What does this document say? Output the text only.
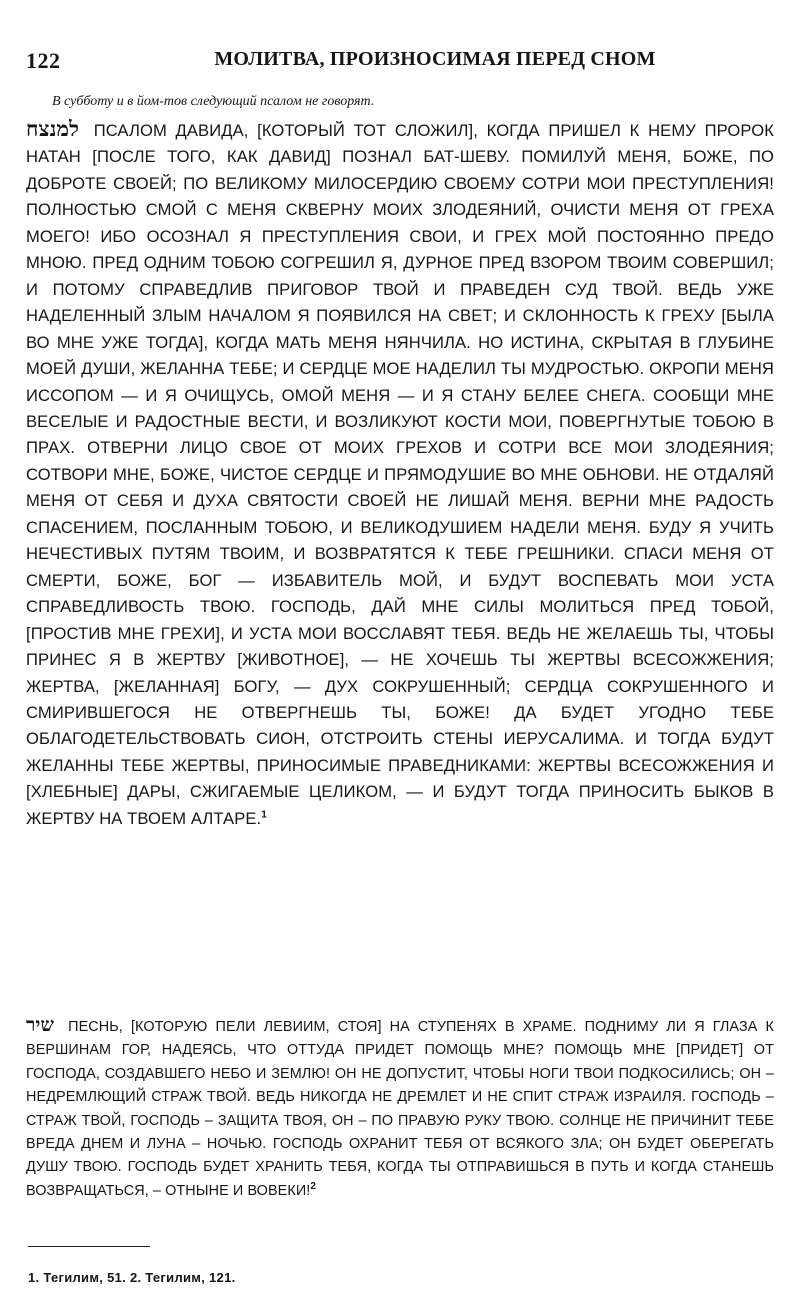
122	МОЛИТВА, ПРОИЗНОСИМАЯ ПЕРЕД СНОМ
В субботу и в йом-тов следующий псалом не говорят.

למנצח ПСАЛОМ ДАВИДА, [КОТОРЫЙ ТОТ СЛОЖИЛ], КОГДА ПРИШЕЛ К НЕМУ ПРОРОК НАТАН [ПОСЛЕ ТОГО, КАК ДАВИД] ПОЗНАЛ БАТ-ШЕВУ. ПОМИЛУЙ МЕНЯ, БОЖЕ, ПО ДОБРОТЕ СВОЕЙ; ПО ВЕЛИКОМУ МИЛОСЕРДИЮ СВОЕМУ СОТРИ МОИ ПРЕСТУПЛЕНИЯ! ПОЛНОСТЬЮ СМОЙ С МЕНЯ СКВЕРНУ МОИХ ЗЛОДЕЯНИЙ, ОЧИСТИ МЕНЯ ОТ ГРЕХА МОЕГО! ИБО ОСОЗНАЛ Я ПРЕСТУПЛЕНИЯ СВОИ, И ГРЕХ МОЙ ПОСТОЯННО ПРЕДО МНОЮ. ПРЕД ОДНИМ ТОБОЮ СОГРЕШИЛ Я, ДУРНОЕ ПРЕД ВЗОРОМ ТВОИМ СОВЕРШИЛ; И ПОТОМУ СПРАВЕДЛИВ ПРИГОВОР ТВОЙ И ПРАВЕДЕН СУД ТВОЙ. ВЕДЬ УЖЕ НАДЕЛЕННЫЙ ЗЛЫМ НАЧАЛОМ Я ПОЯВИЛСЯ НА СВЕТ; И СКЛОННОСТЬ К ГРЕХУ [БЫЛА ВО МНЕ УЖЕ ТОГДА], КОГДА МАТЬ МЕНЯ НЯНЧИЛА. НО ИСТИНА, СКРЫТАЯ В ГЛУБИНЕ МОЕЙ ДУШИ, ЖЕЛАННА ТЕБЕ; И СЕРДЦЕ МОЕ НАДЕЛИЛ ТЫ МУДРОСТЬЮ. ОКРОПИ МЕНЯ ИССОПОМ — И Я ОЧИЩУСЬ, ОМОЙ МЕНЯ — И Я СТАНУ БЕЛЕЕ СНЕГА. СООБЩИ МНЕ ВЕСЕЛЫЕ И РАДОСТНЫЕ ВЕСТИ, И ВОЗЛИКУЮТ КОСТИ МОИ, ПОВЕРГНУТЫЕ ТОБОЮ В ПРАХ. ОТВЕРНИ ЛИЦО СВОЕ ОТ МОИХ ГРЕХОВ И СОТРИ ВСЕ МОИ ЗЛОДЕЯНИЯ; СОТВОРИ МНЕ, БОЖЕ, ЧИСТОЕ СЕРДЦЕ И ПРЯМОДУШИЕ ВО МНЕ ОБНОВИ. НЕ ОТДАЛЯЙ МЕНЯ ОТ СЕБЯ И ДУХА СВЯТОСТИ СВОЕЙ НЕ ЛИШАЙ МЕНЯ. ВЕРНИ МНЕ РАДОСТЬ СПАСЕНИЕМ, ПОСЛАННЫМ ТОБОЮ, И ВЕЛИКОДУШИЕМ НАДЕЛИ МЕНЯ. БУДУ Я УЧИТЬ НЕЧЕСТИВЫХ ПУТЯМ ТВОИМ, И ВОЗВРАТЯТСЯ К ТЕБЕ ГРЕШНИКИ. СПАСИ МЕНЯ ОТ СМЕРТИ, БОЖЕ, БОГ — ИЗБАВИТЕЛЬ МОЙ, И БУДУТ ВОСПЕВАТЬ МОИ УСТА СПРАВЕДЛИВОСТЬ ТВОЮ. ГОСПОДЬ, ДАЙ МНЕ СИЛЫ МОЛИТЬСЯ ПРЕД ТОБОЙ, [ПРОСТИВ МНЕ ГРЕХИ], И УСТА МОИ ВОССЛАВЯТ ТЕБЯ. ВЕДЬ НЕ ЖЕЛАЕШЬ ТЫ, ЧТОБЫ ПРИНЕС Я В ЖЕРТВУ [ЖИВОТНОЕ], — НЕ ХОЧЕШЬ ТЫ ЖЕРТВЫ ВСЕСОЖЖЕНИЯ; ЖЕРТВА, [ЖЕЛАННАЯ] БОГУ, — ДУХ СОКРУШЕННЫЙ; СЕРДЦА СОКРУШЕННОГО И СМИРИВШЕГОСЯ НЕ ОТВЕРГНЕШЬ ТЫ, БОЖЕ! ДА БУДЕТ УГОДНО ТЕБЕ ОБЛАГОДЕТЕЛЬСТВОВАТЬ СИОН, ОТСТРОИТЬ СТЕНЫ ИЕРУСАЛИМА. И ТОГДА БУДУТ ЖЕЛАННЫ ТЕБЕ ЖЕРТВЫ, ПРИНОСИМЫЕ ПРАВЕДНИКАМИ: ЖЕРТВЫ ВСЕСОЖЖЕНИЯ И [ХЛЕБНЫЕ] ДАРЫ, СЖИГАЕМЫЕ ЦЕЛИКОМ, — И БУДУТ ТОГДА ПРИНОСИТЬ БЫКОВ В ЖЕРТВУ НА ТВОЕМ АЛТАРЕ.$^1$

שיר ПЕСНЬ, [КОТОРУЮ ПЕЛИ ЛЕВИИМ, СТОЯ] НА СТУПЕНЯХ В ХРАМЕ. ПОДНИМУ ЛИ Я ГЛАЗА К ВЕРШИНАМ ГОР, НАДЕЯСЬ, ЧТО ОТТУДА ПРИДЕТ ПОМОЩЬ МНЕ? ПОМОЩЬ МНЕ [ПРИДЕТ] ОТ ГОСПОДА, СОЗДАВШЕГО НЕБО И ЗЕМЛЮ! ОН НЕ ДОПУСТИТ, ЧТОБЫ НОГИ ТВОИ ПОДКОСИЛИСЬ; ОН – НЕДРЕМЛЮЩИЙ СТРАЖ ТВОЙ. ВЕДЬ НИКОГДА НЕ ДРЕМЛЕТ И НЕ СПИТ СТРАЖ ИЗРАИЛЯ. ГОСПОДЬ – СТРАЖ ТВОЙ, ГОСПОДЬ – ЗАЩИТА ТВОЯ, ОН – ПО ПРАВУЮ РУКУ ТВОЮ. СОЛНЦЕ НЕ ПРИЧИНИТ ТЕБЕ ВРЕДА ДНЕМ И ЛУНА – НОЧЬЮ. ГОСПОДЬ ОХРАНИТ ТЕБЯ ОТ ВСЯКОГО ЗЛА; ОН БУДЕТ ОБЕРЕГАТЬ ДУШУ ТВОЮ. ГОСПОДЬ БУДЕТ ХРАНИТЬ ТЕБЯ, КОГДА ТЫ ОТПРАВИШЬСЯ В ПУТЬ И КОГДА СТАНЕШЬ ВОЗВРАЩАТЬСЯ, – ОТНЫНЕ И ВОВЕКИ!$^2$

1. Тегилим, 51. 2. Тегилим, 121.
